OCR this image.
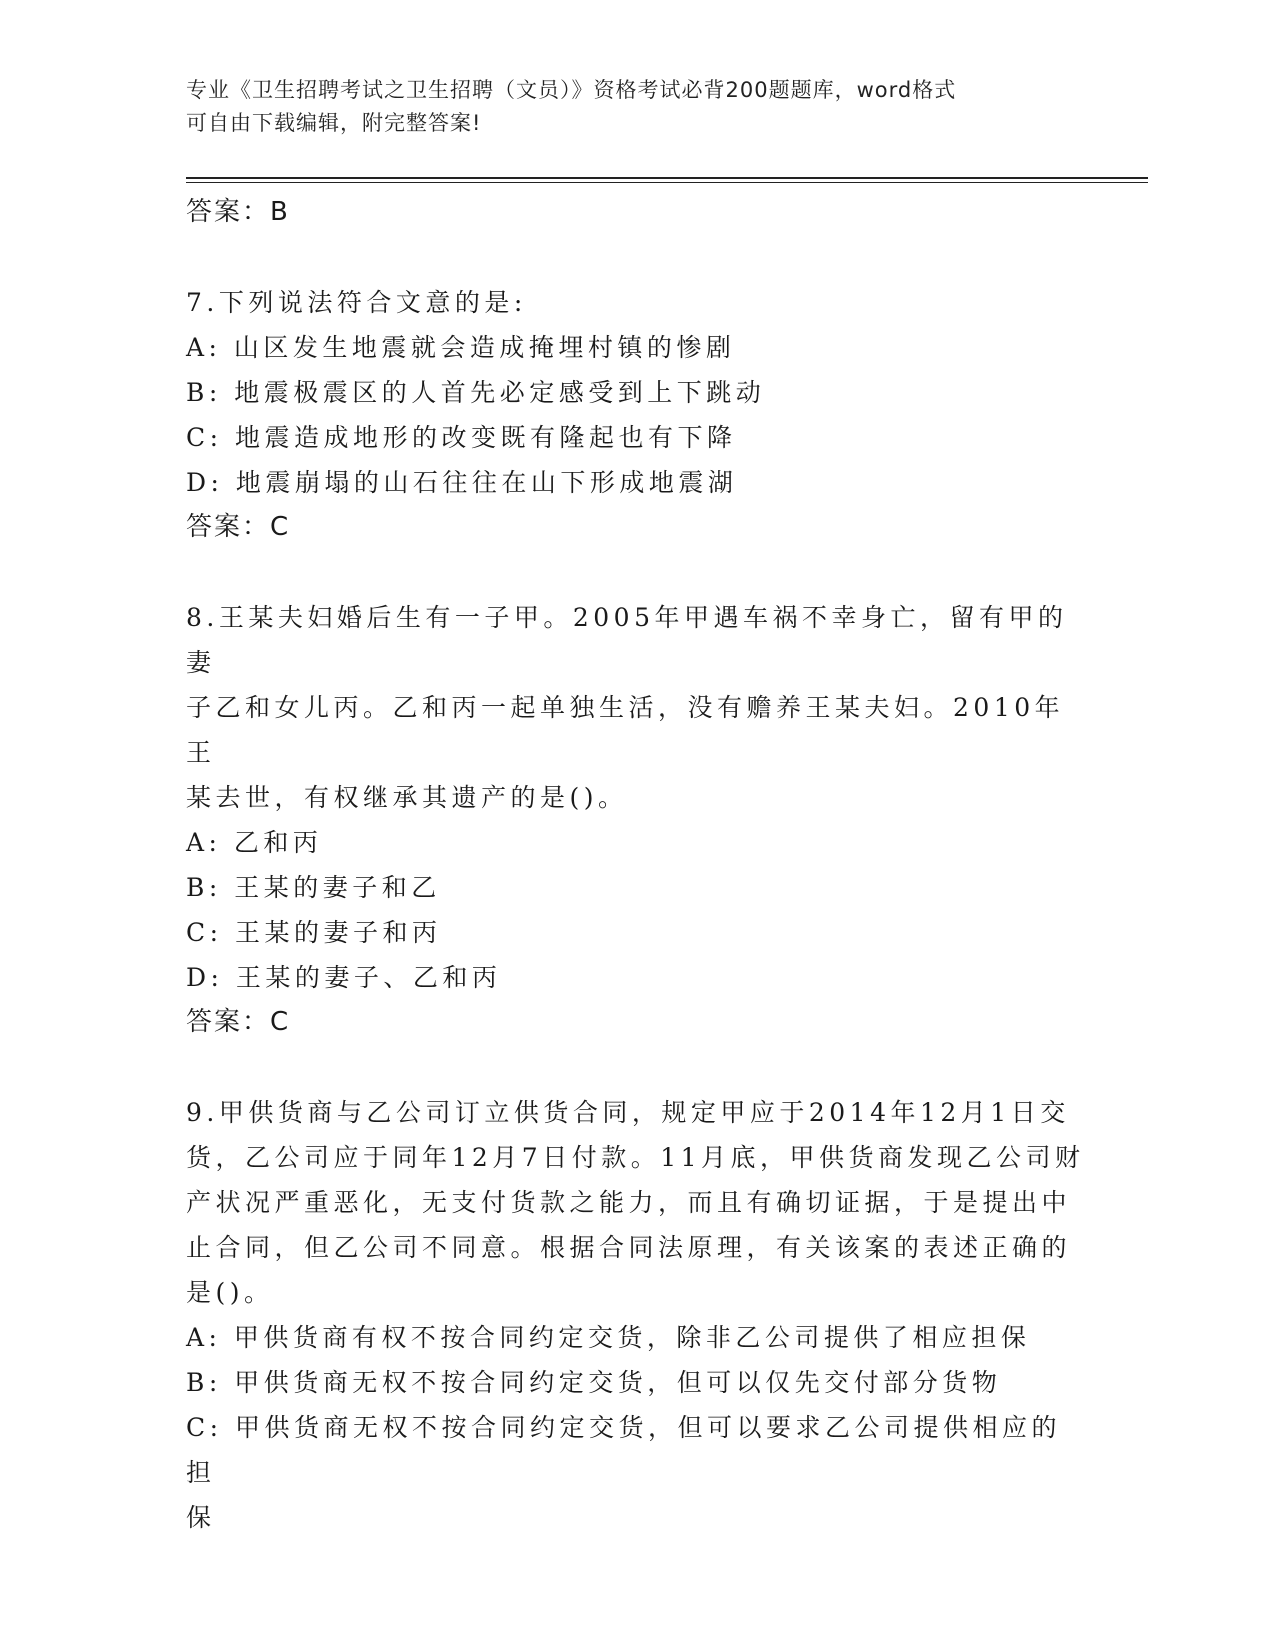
专业《卫生招聘考试之卫生招聘（文员）》资格考试必背200题题库，word格式
可自由下载编辑，附完整答案!

答案：B

7.下列说法符合文意的是:

A: 山区发生地震就会造成掩埋村镇的惨剧

B: 地震极震区的人首先必定感受到上下跳动

C: 地震造成地形的改变既有隆起也有下降

D: 地震崩塌的山石往往在山下形成地震湖

答案：C

8.王某夫妇婚后生有一子甲。2005年甲遇车祸不幸身亡，留有甲的妻

子乙和女儿丙。乙和丙一起单独生活，没有赡养王某夫妇。2010年王

某去世，有权继承其遗产的是()。

A: 乙和丙

B: 王某的妻子和乙

C: 王某的妻子和丙

D: 王某的妻子、乙和丙

答案：C

9.甲供货商与乙公司订立供货合同，规定甲应于2014年12月1日交

货，乙公司应于同年12月7日付款。11月底，甲供货商发现乙公司财

产状况严重恶化，无支付货款之能力，而且有确切证据，于是提出中

止合同，但乙公司不同意。根据合同法原理，有关该案的表述正确的

是()。

A: 甲供货商有权不按合同约定交货，除非乙公司提供了相应担保

B: 甲供货商无权不按合同约定交货，但可以仅先交付部分货物

C: 甲供货商无权不按合同约定交货，但可以要求乙公司提供相应的担

保
